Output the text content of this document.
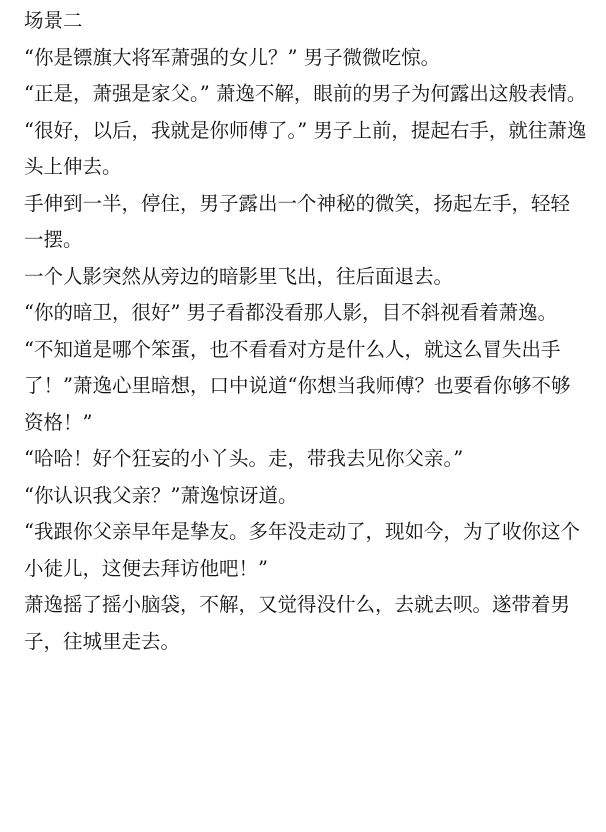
场景二

“你是镖旗大将军萧强的女儿？” 男子微微吃惊。

“正是，萧强是家父。” 萧逸不解，眼前的男子为何露出这般表情。

“很好，以后，我就是你师傅了。” 男子上前，提起右手，就往萧逸头上伸去。

手伸到一半，停住，男子露出一个神秘的微笑，扬起左手，轻轻一摆。

一个人影突然从旁边的暗影里飞出，往后面退去。

“你的暗卫，很好” 男子看都没看那人影，目不斜视看着萧逸。

“不知道是哪个笨蛋，也不看看对方是什么人，就这么冒失出手了！”萧逸心里暗想，口中说道“你想当我师傅？也要看你够不够资格！”

“哈哈！好个狂妄的小丫头。走，带我去见你父亲。”

“你认识我父亲？”萧逸惊讶道。

“我跟你父亲早年是挚友。多年没走动了，现如今，为了收你这个小徒儿，这便去拜访他吧！”

萧逸摇了摇小脑袋，不解，又觉得没什么，去就去呗。遂带着男子，往城里走去。
